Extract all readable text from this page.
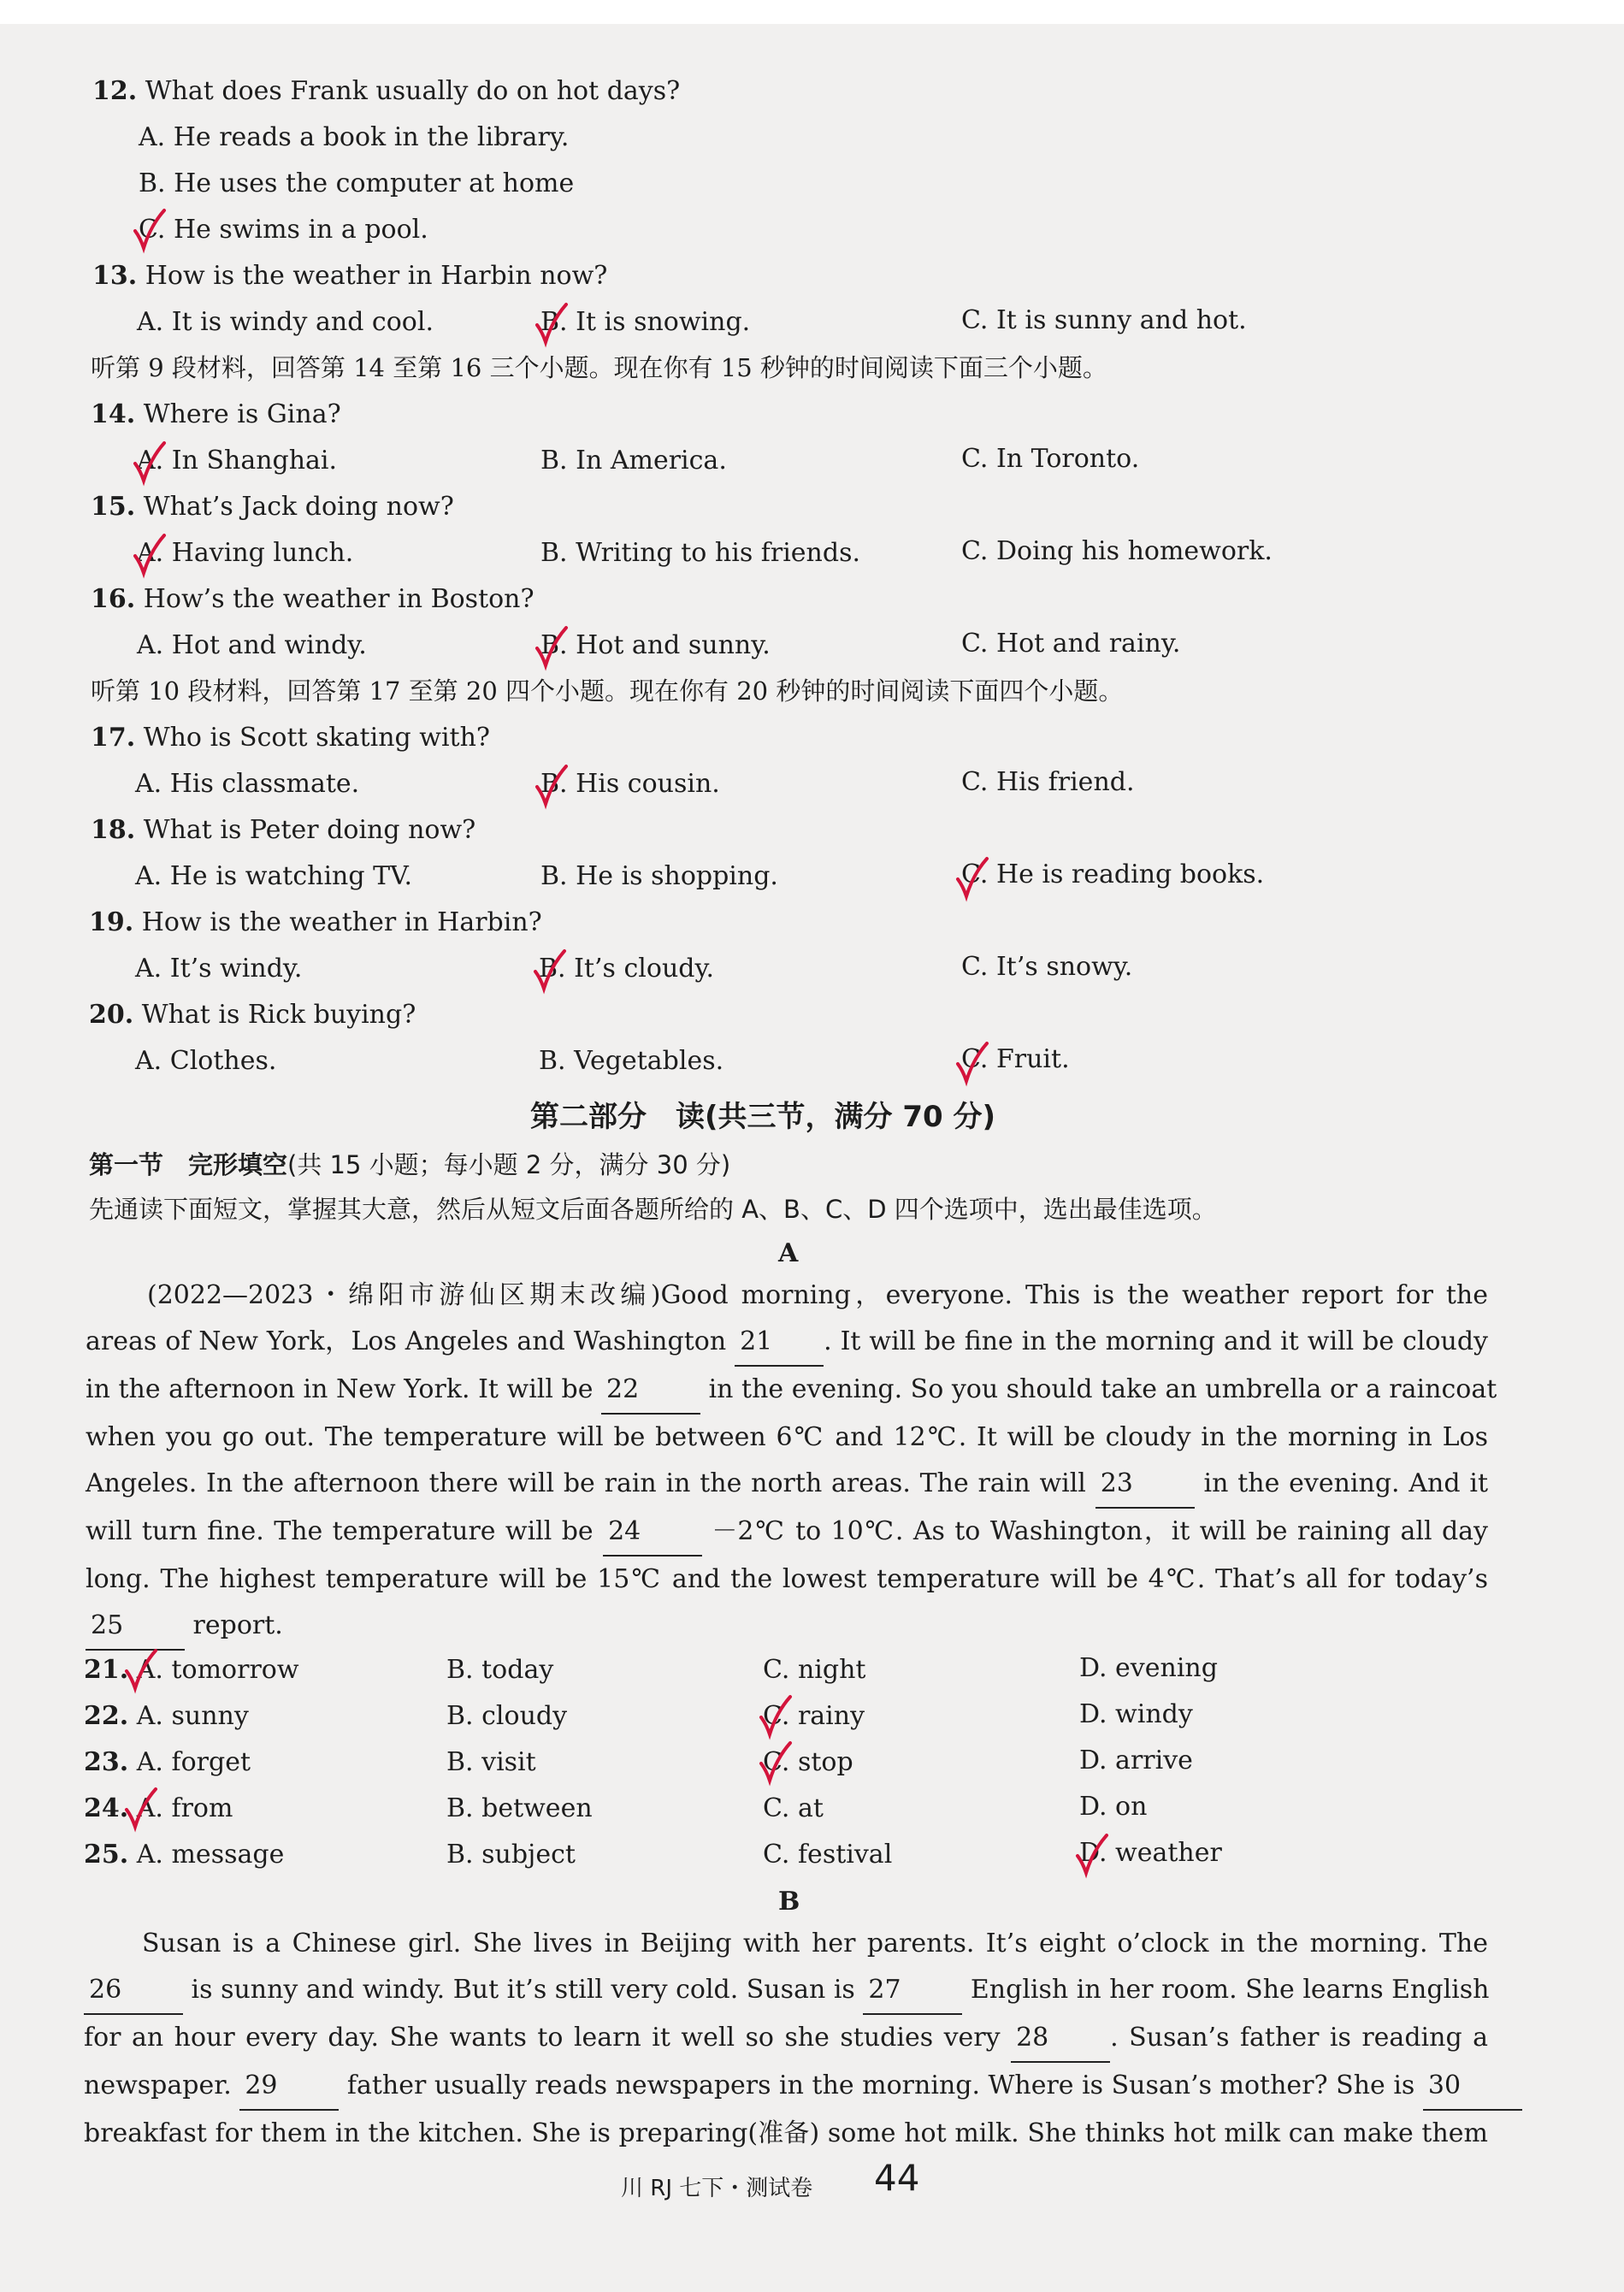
12. What does Frank usually do on hot days?
A. He reads a book in the library.
B. He uses the computer at home
C. He swims in a pool.
13. How is the weather in Harbin now?
A. It is windy and cool.	B. It is snowing.	C. It is sunny and hot.
听第 9 段材料，回答第 14 至第 16 三个小题。现在你有 15 秒钟的时间阅读下面三个小题。
14. Where is Gina?
A. In Shanghai.	B. In America.	C. In Toronto.
15. What’s Jack doing now?
A. Having lunch.	B. Writing to his friends.	C. Doing his homework.
16. How’s the weather in Boston?
A. Hot and windy.	B. Hot and sunny.	C. Hot and rainy.
听第 10 段材料，回答第 17 至第 20 四个小题。现在你有 20 秒钟的时间阅读下面四个小题。
17. Who is Scott skating with?
A. His classmate.	B. His cousin.	C. His friend.
18. What is Peter doing now?
A. He is watching TV.	B. He is shopping.	C. He is reading books.
19. How is the weather in Harbin?
A. It’s windy.	B. It’s cloudy.	C. It’s snowy.
20. What is Rick buying?
A. Clothes.	B. Vegetables.	C. Fruit.
第二部分　读(共三节，满分 70 分)
第一节　完形填空(共 15 小题；每小题 2 分，满分 30 分)
先通读下面短文，掌握其大意，然后从短文后面各题所给的 A、B、C、D 四个选项中，选出最佳选项。
A
(2022—2023・绵阳市游仙区期末改编)Good morning，everyone. This is the weather report for the
areas of New York，Los Angeles and Washington 21 . It will be fine in the morning and it will be cloudy
in the afternoon in New York. It will be 22	in the evening. So you should take an umbrella or a raincoat
when you go out. The temperature will be between 6℃ and 12℃. It will be cloudy in the morning in Los
Angeles. In the afternoon there will be rain in the north areas. The rain will 23	in the evening. And it
will turn fine. The temperature will be 24	－2℃ to 10℃. As to Washington，it will be raining all day
long. The highest temperature will be 15℃ and the lowest temperature will be 4℃. That’s all for today’s
25	report.
21. A. tomorrow	B. today	C. night	D. evening
22. A. sunny	B. cloudy	C. rainy	D. windy
23. A. forget	B. visit	C. stop	D. arrive
24. A. from	B. between	C. at	D. on
25. A. message	B. subject	C. festival	D. weather
B
Susan is a Chinese girl. She lives in Beijing with her parents. It’s eight o’clock in the morning. The
26	is sunny and windy. But it’s still very cold. Susan is 27	English in her room. She learns English
for an hour every day. She wants to learn it well so she studies very 28 . Susan’s father is reading a
newspaper. 29	father usually reads newspapers in the morning. Where is Susan’s mother? She is 30
breakfast for them in the kitchen. She is preparing(准备) some hot milk. She thinks hot milk can make them
川 RJ 七下・测试卷 44
